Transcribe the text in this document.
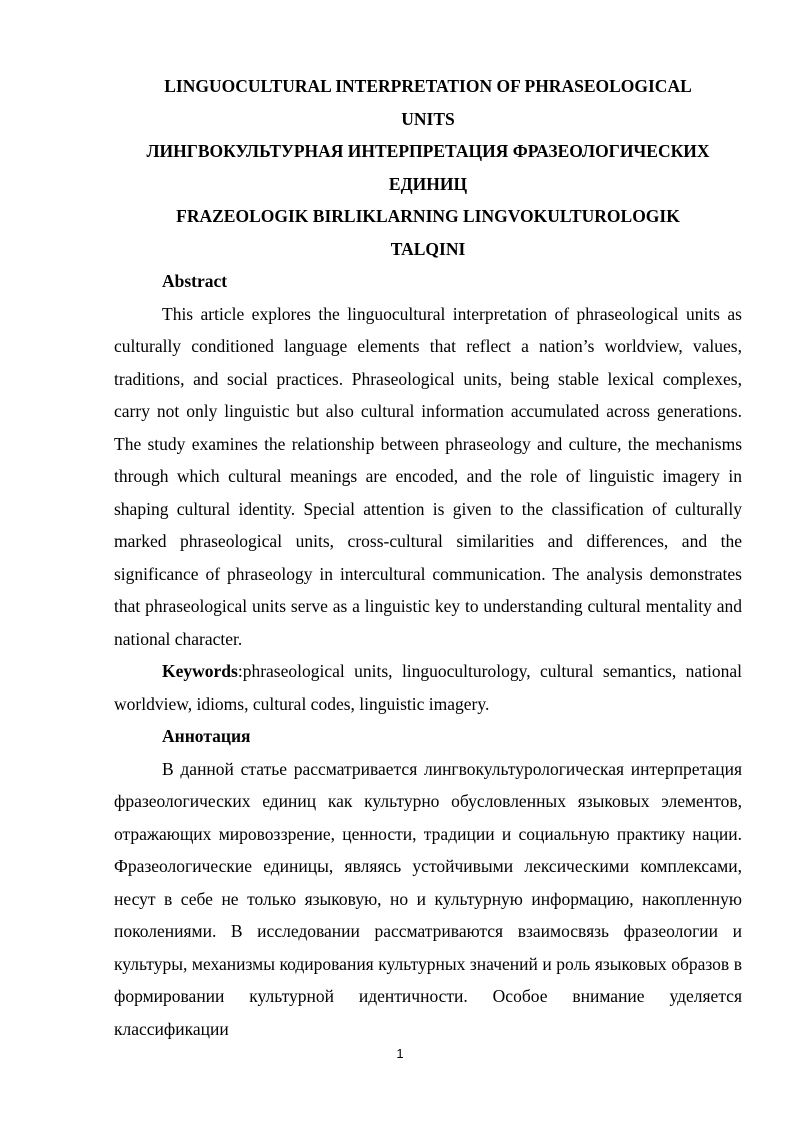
LINGUOCULTURAL INTERPRETATION OF PHRASEOLOGICAL

UNITS

ЛИНГВОКУЛЬТУРНАЯ ИНТЕРПРЕТАЦИЯ ФРАЗЕОЛОГИЧЕСКИХ

ЕДИНИЦ

FRAZEOLOGIK BIRLIKLARNING LINGVOKULTUROLOGIK

TALQINI

Abstract

This article explores the linguocultural interpretation of phraseological units as culturally conditioned language elements that reflect a nation’s worldview, values, traditions, and social practices. Phraseological units, being stable lexical complexes, carry not only linguistic but also cultural information accumulated across generations. The study examines the relationship between phraseology and culture, the mechanisms through which cultural meanings are encoded, and the role of linguistic imagery in shaping cultural identity. Special attention is given to the classification of culturally marked phraseological units, cross-cultural similarities and differences, and the significance of phraseology in intercultural communication. The analysis demonstrates that phraseological units serve as a linguistic key to understanding cultural mentality and national character.

Keywords:phraseological units, linguoculturology, cultural semantics, national worldview, idioms, cultural codes, linguistic imagery.

Аннотация

В данной статье рассматривается лингвокультурологическая интерпретация фразеологических единиц как культурно обусловленных языковых элементов, отражающих мировоззрение, ценности, традиции и социальную практику нации. Фразеологические единицы, являясь устойчивыми лексическими комплексами, несут в себе не только языковую, но и культурную информацию, накопленную поколениями. В исследовании рассматриваются взаимосвязь фразеологии и культуры, механизмы кодирования культурных значений и роль языковых образов в формировании культурной идентичности. Особое внимание уделяется классификации

1
